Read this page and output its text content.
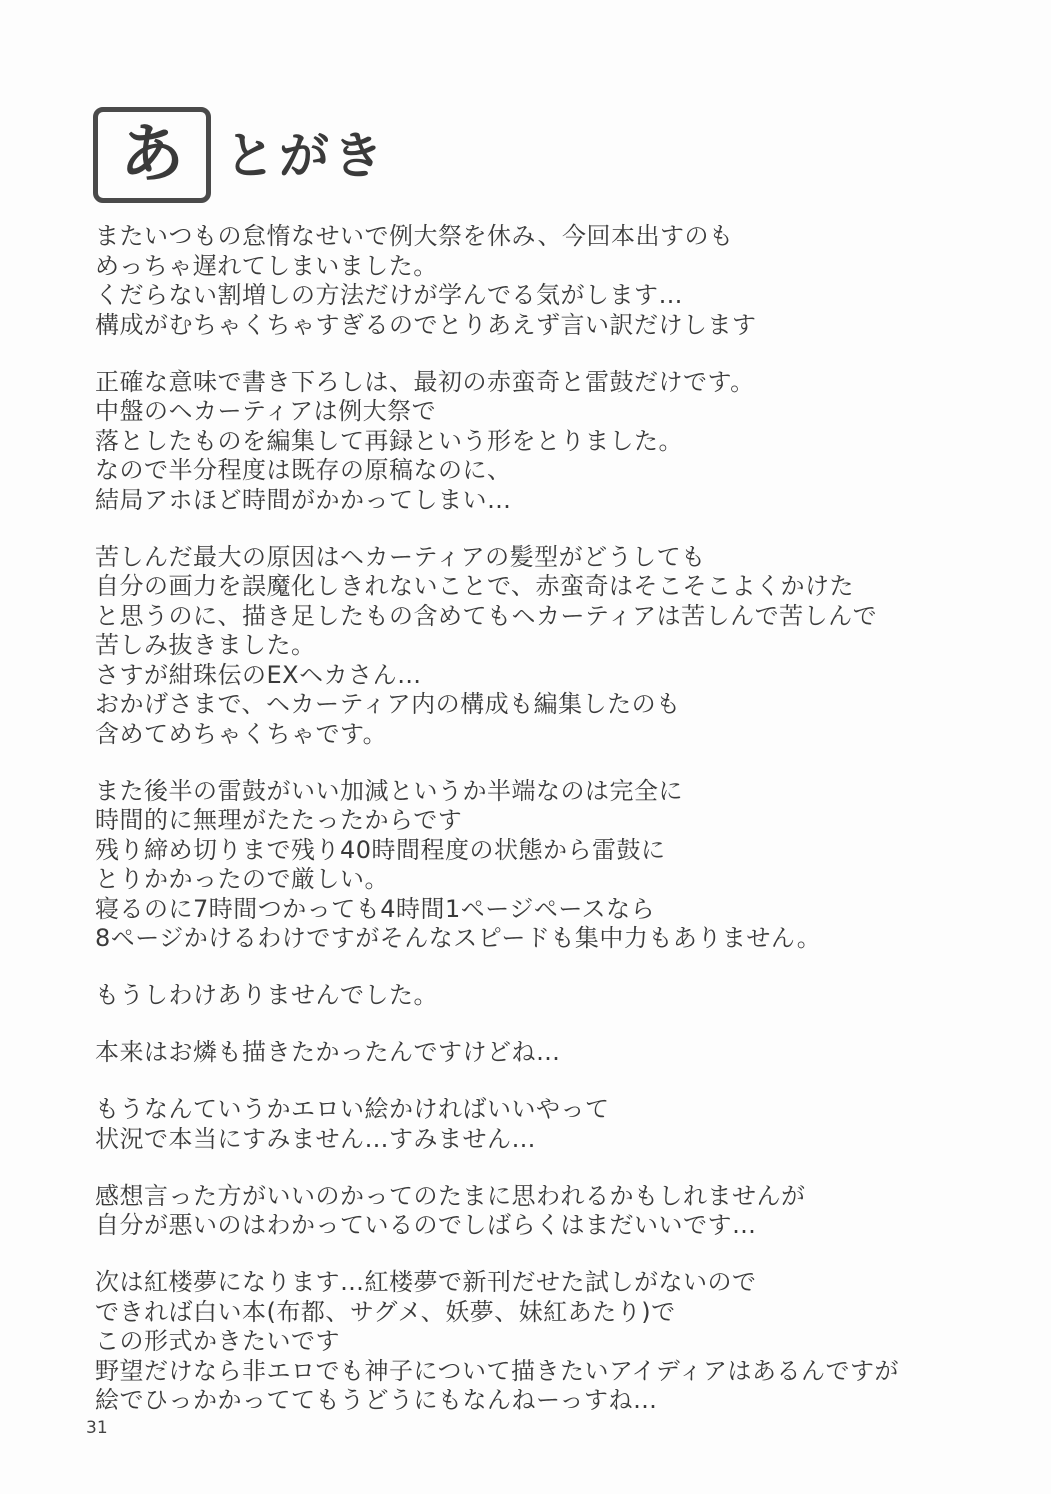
あ とがき
またいつもの怠惰なせいで例大祭を休み、今回本出すのも
めっちゃ遅れてしまいました。
くだらない割増しの方法だけが学んでる気がします…
構成がむちゃくちゃすぎるのでとりあえず言い訳だけします
正確な意味で書き下ろしは、最初の赤蛮奇と雷鼓だけです。
中盤のヘカーティアは例大祭で
落としたものを編集して再録という形をとりました。
なので半分程度は既存の原稿なのに、
結局アホほど時間がかかってしまい…
苦しんだ最大の原因はヘカーティアの髪型がどうしても
自分の画力を誤魔化しきれないことで、赤蛮奇はそこそこよくかけた
と思うのに、描き足したもの含めてもヘカーティアは苦しんで苦しんで
苦しみ抜きました。
さすが紺珠伝のEXヘカさん…
おかげさまで、ヘカーティア内の構成も編集したのも
含めてめちゃくちゃです。
また後半の雷鼓がいい加減というか半端なのは完全に
時間的に無理がたたったからです
残り締め切りまで残り40時間程度の状態から雷鼓に
とりかかったので厳しい。
寝るのに7時間つかっても4時間1ページペースなら
8ページかけるわけですがそんなスピードも集中力もありません。
もうしわけありませんでした。
本来はお燐も描きたかったんですけどね…
もうなんていうかエロい絵かければいいやって
状況で本当にすみません…すみません…
感想言った方がいいのかってのたまに思われるかもしれませんが
自分が悪いのはわかっているのでしばらくはまだいいです…
次は紅楼夢になります…紅楼夢で新刊だせた試しがないので
できれば白い本(布都、サグメ、妖夢、妹紅あたり)で
この形式かきたいです
野望だけなら非エロでも神子について描きたいアイディアはあるんですが
絵でひっかかっててもうどうにもなんねーっすね…
31
